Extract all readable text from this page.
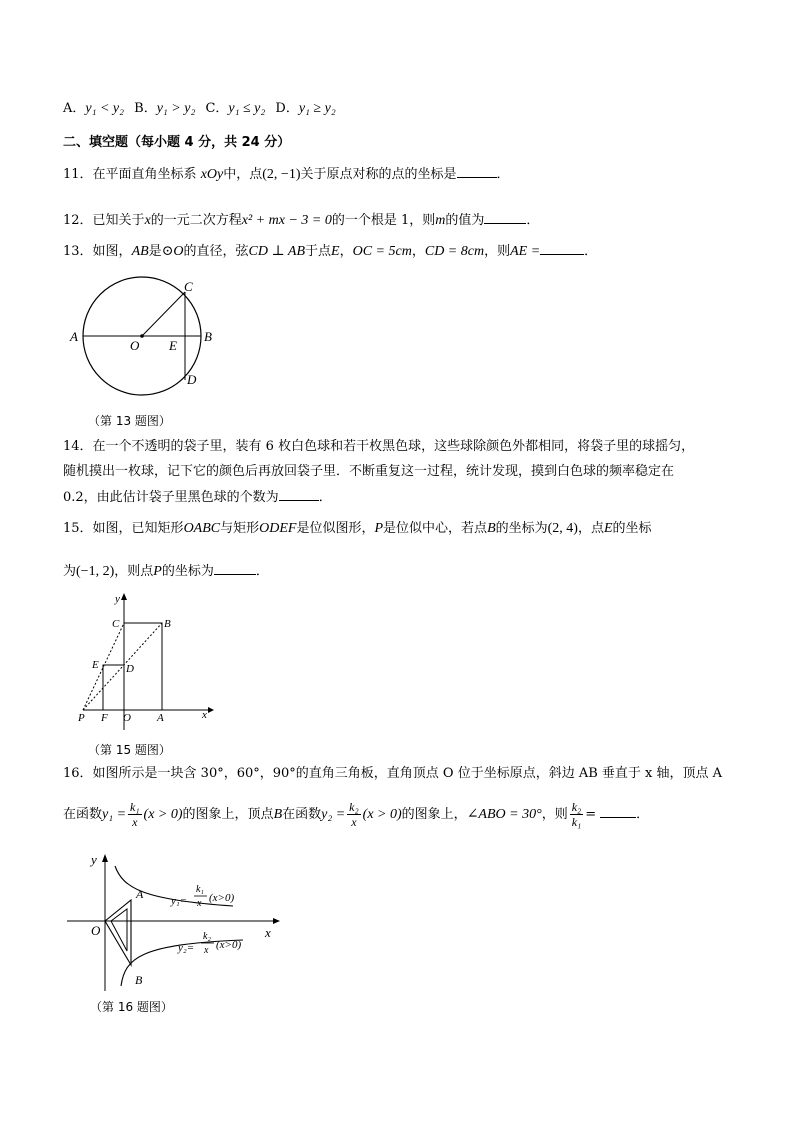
A．y₁ < y₂ B．y₁ > y₂ C．y₁ ≤ y₂ D．y₁ ≥ y₂
二、填空题（每小题 4 分，共 24 分）
11．在平面直角坐标系 xOy中，点(2, −1)关于原点对称的点的坐标是	．
12．已知关于x的一元二次方程x² + mx − 3 = 0的一个根是 1，则m的值为	．
13．如图，AB是⊙O的直径，弦CD ⊥ AB于点E，OC = 5cm，CD = 8cm，则AE =	．
A	B
C
D
O E
（第 13 题图）
14．在一个不透明的袋子里，装有 6 枚白色球和若干枚黑色球，这些球除颜色外都相同，将袋子里的球摇匀，
随机摸出一枚球，记下它的颜色后再放回袋子里．不断重复这一过程，统计发现，摸到白色球的频率稳定在
0.2，由此估计袋子里黑色球的个数为	．
15．如图，已知矩形OABC与矩形ODEF是位似图形，P是位似中心，若点B的坐标为(2, 4)，点E的坐标
为(−1, 2)，则点P的坐标为	．
y
x
C	B
E D
P F O A
（第 15 题图）
16．如图所示是一块含 30°，60°，90°的直角三角板，直角顶点 O 位于坐标原点，斜边 AB 垂直于 x 轴，顶点 A
在函数$y_1 = \frac{\text{k₁}}{x} (x > 0)$的图象上，顶点B在函数$y_2 = \frac{\text{k₂}}{x} (x > 0)$的图象上，∠ABO = 30°，则 $\frac{\text{k₂}}{\text{k₁}}$ =	．
y
x
O
A
B
y₁=
k₁
x (x>0)
y₂=
k₂
x (x>0)
（第 16 题图）
